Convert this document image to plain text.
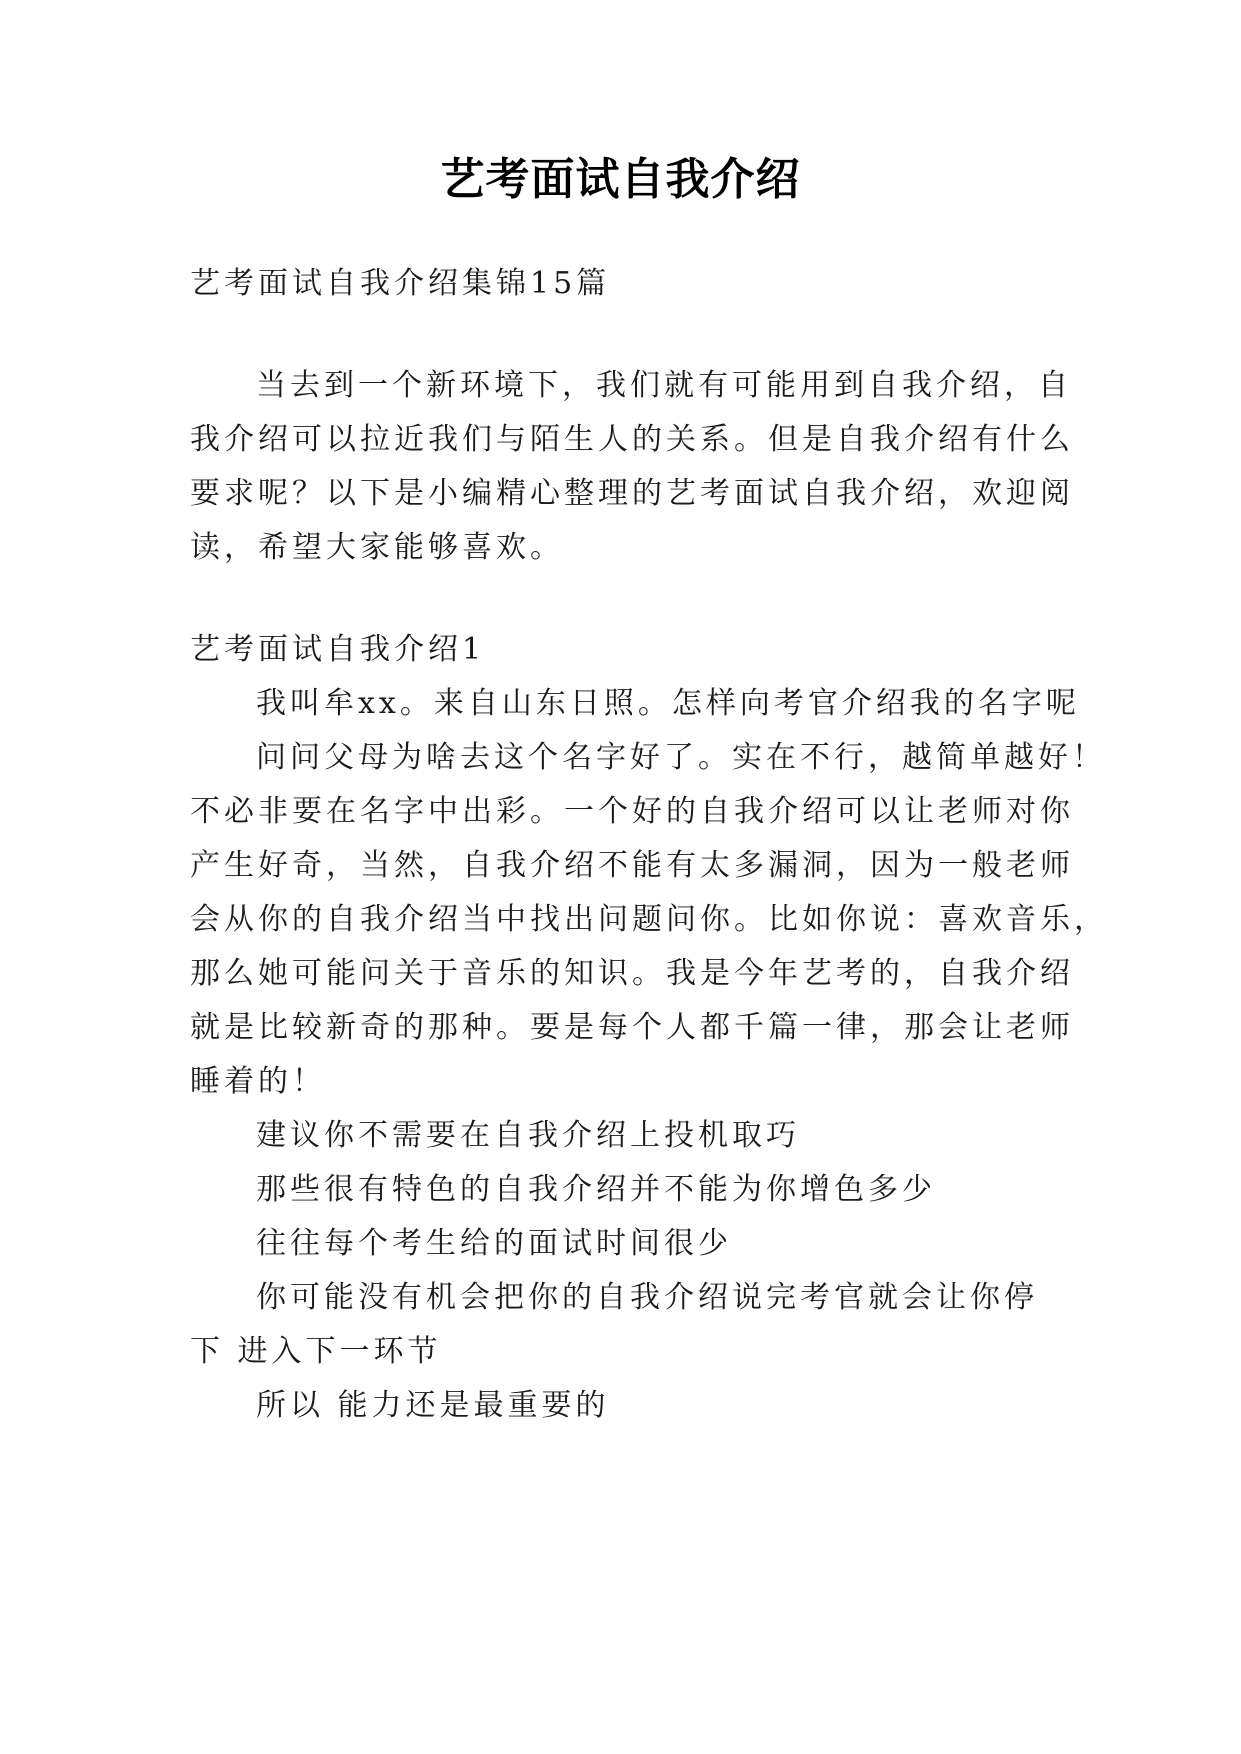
艺考面试自我介绍
艺考面试自我介绍集锦15篇
当去到一个新环境下，我们就有可能用到自我介绍，自
我介绍可以拉近我们与陌生人的关系。但是自我介绍有什么
要求呢？以下是小编精心整理的艺考面试自我介绍，欢迎阅
读，希望大家能够喜欢。
艺考面试自我介绍1
我叫牟xx。来自山东日照。怎样向考官介绍我的名字呢
问问父母为啥去这个名字好了。实在不行，越简单越好！
不必非要在名字中出彩。一个好的自我介绍可以让老师对你
产生好奇，当然，自我介绍不能有太多漏洞，因为一般老师
会从你的自我介绍当中找出问题问你。比如你说：喜欢音乐，
那么她可能问关于音乐的知识。我是今年艺考的，自我介绍
就是比较新奇的那种。要是每个人都千篇一律，那会让老师
睡着的！
建议你不需要在自我介绍上投机取巧
那些很有特色的自我介绍并不能为你增色多少
往往每个考生给的面试时间很少
你可能没有机会把你的自我介绍说完考官就会让你停
下 进入下一环节
所以 能力还是最重要的
